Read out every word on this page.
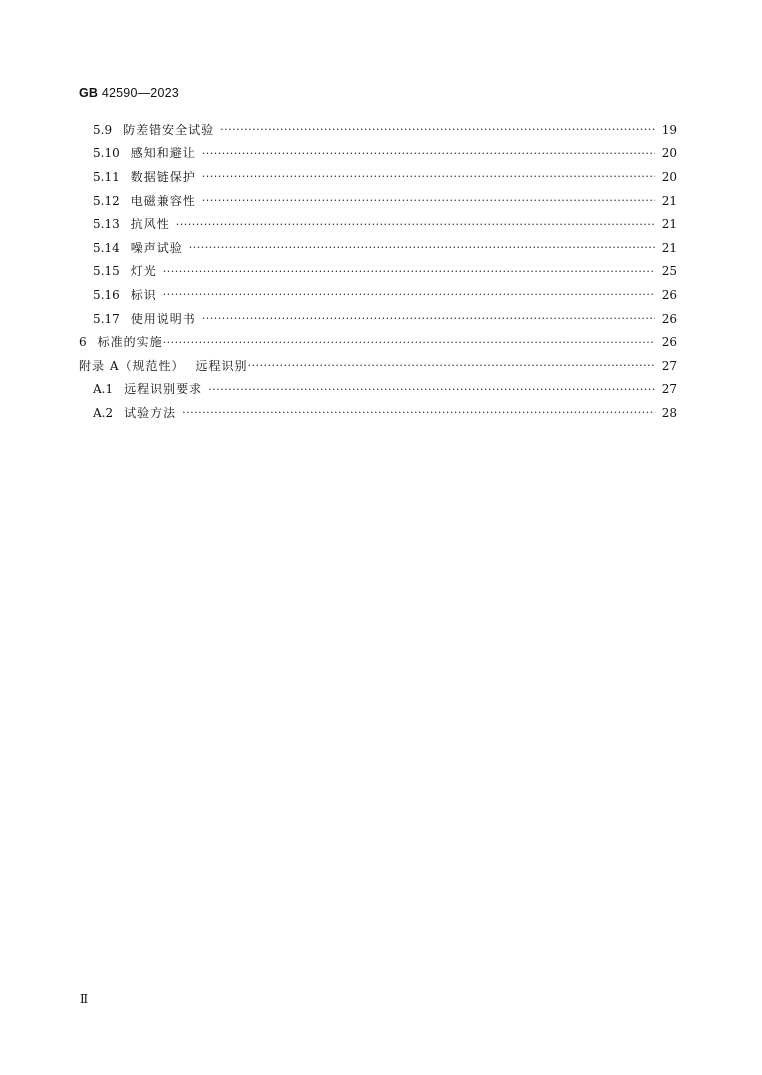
GB 42590—2023
5.9 防差错安全试验 ·····	19
5.10 感知和避让 ·····	20
5.11 数据链保护 ·····	20
5.12 电磁兼容性 ·····	21
5.13 抗风性 ·····	21
5.14 噪声试验 ·····	21
5.15 灯光 ·····	25
5.16 标识 ·····	26
5.17 使用说明书 ·····	26
6 标准的实施 ·····	26
附录 A（规范性） 远程识别 ·····	27
A.1 远程识别要求 ·····	27
A.2 试验方法 ·····	28
Ⅱ
